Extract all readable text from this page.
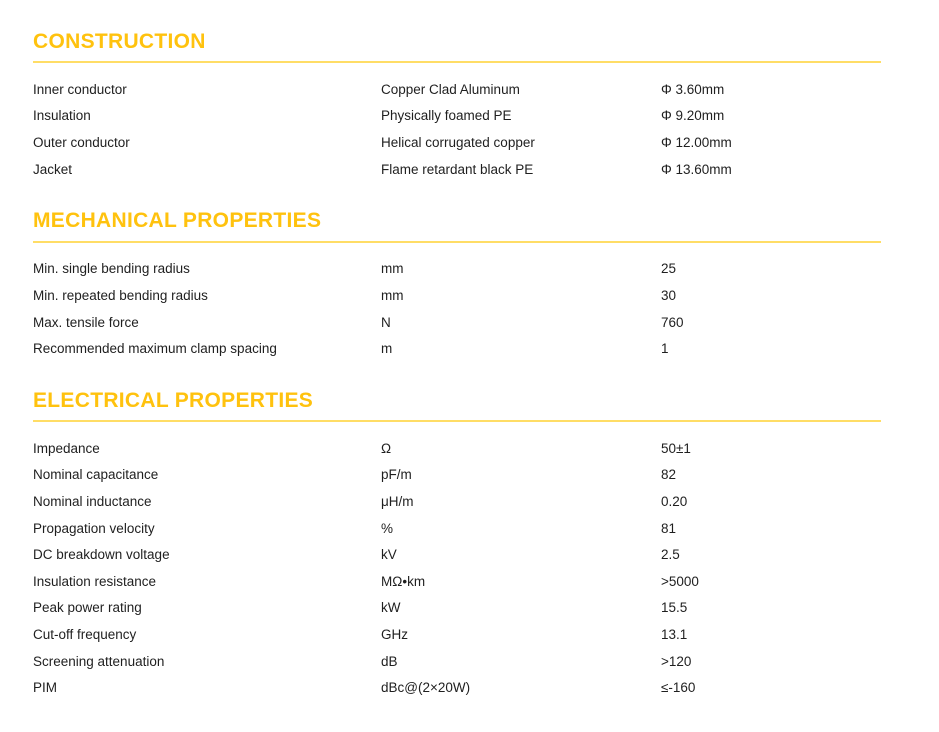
CONSTRUCTION
Inner conductor	Copper Clad Aluminum	Φ 3.60mm
Insulation	Physically foamed PE	Φ 9.20mm
Outer conductor	Helical corrugated copper	Φ 12.00mm
Jacket	Flame retardant black PE	Φ 13.60mm
MECHANICAL PROPERTIES
Min. single bending radius	mm	25
Min. repeated bending radius	mm	30
Max. tensile force	N	760
Recommended maximum clamp spacing	m	1
ELECTRICAL PROPERTIES
Impedance	Ω	50±1
Nominal capacitance	pF/m	82
Nominal inductance	μH/m	0.20
Propagation velocity	%	81
DC breakdown voltage	kV	2.5
Insulation resistance	MΩ•km	>5000
Peak power rating	kW	15.5
Cut-off frequency	GHz	13.1
Screening attenuation	dB	>120
PIM	dBc@(2×20W)	≤-160
